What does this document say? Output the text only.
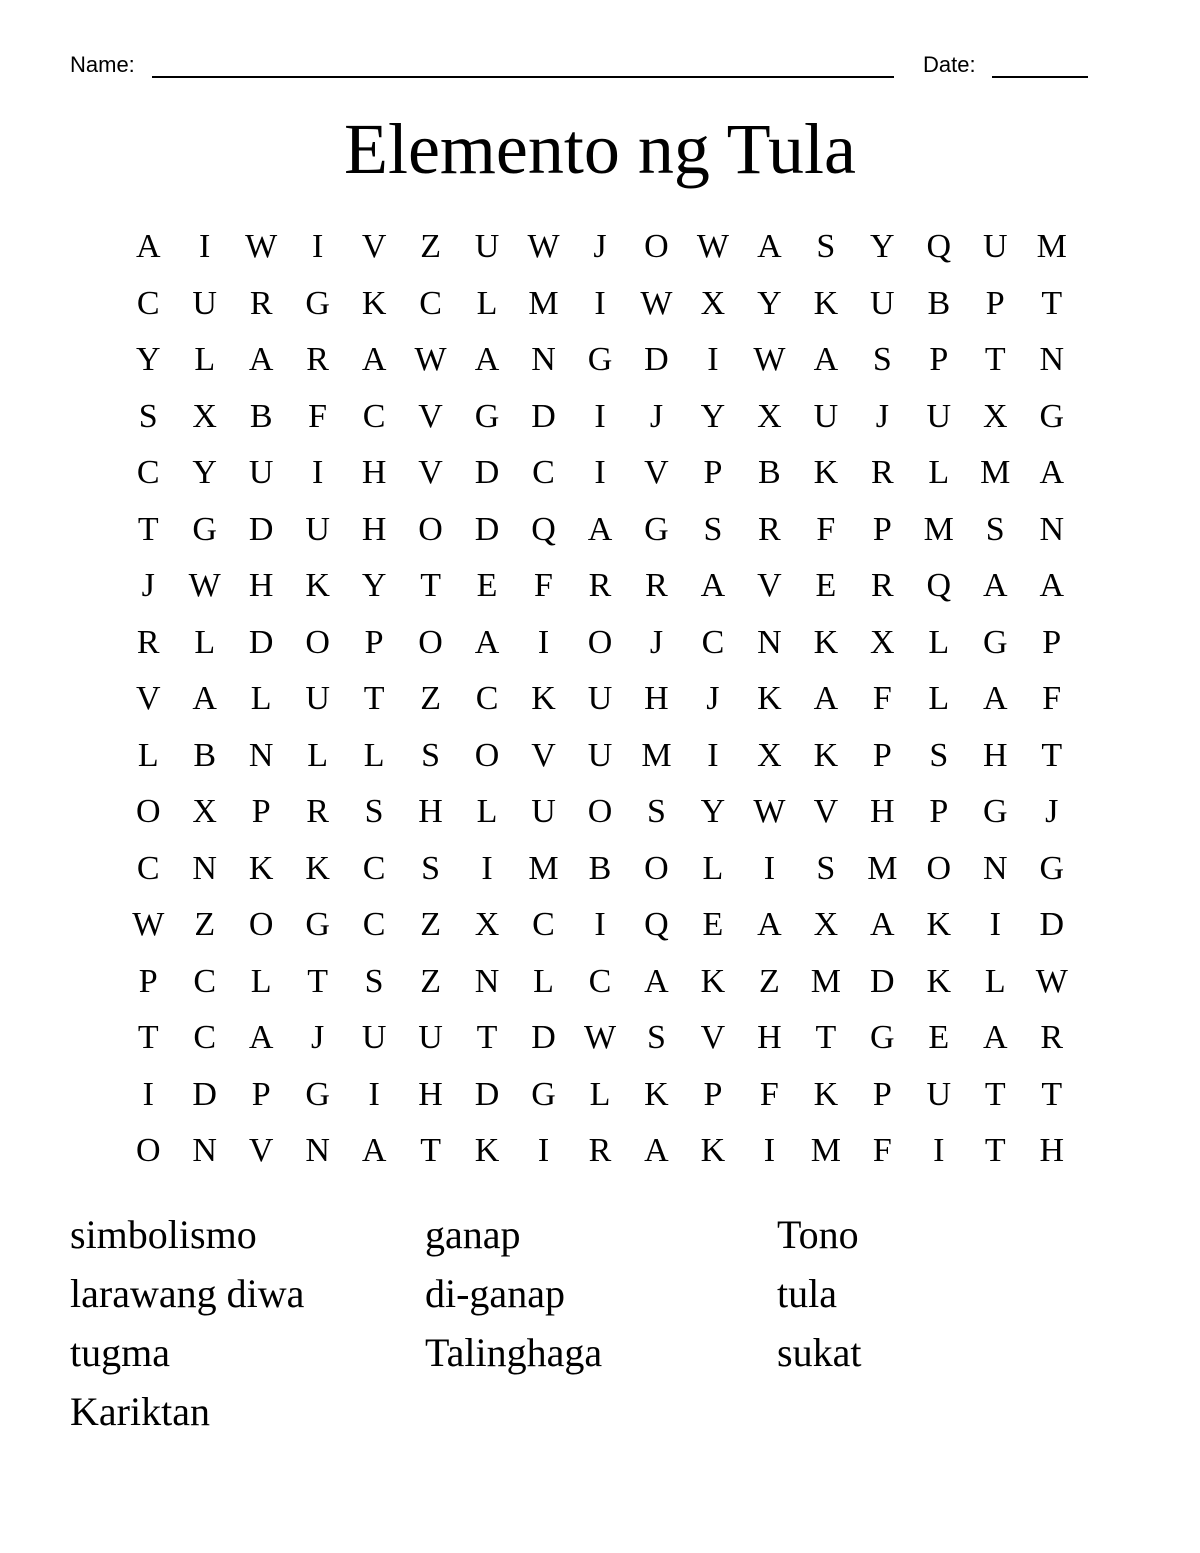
Name:	Date:
Elemento ng Tula
A	I	W	I	V Z U W J	O W A	S	Y Q U M
C U R G K C	L M	I	W X Y K U B	P	T
Y L A R A W A N G D	I	W A	S	P	T N
S	X B	F	C V G D	I	J	Y X U	J	U X G
C Y U	I	H V D C	I	V	P	B K R	L M A
T G D U H O D Q A G	S	R	F	P M S	N
J W H K Y T	E	F	R R A V E	R Q A A
R	L D O	P	O A	I	O	J	C N K X L G	P
V A L U T	Z	C K U H	J	K A	F	L A	F
L	B N L	L	S	O V U M	I	X K	P	S	H T
O X	P	R	S	H L U O	S	Y W V H	P	G	J
C N K K C	S	I	M B O L	I	S M O N G
W Z O G C	Z X C	I	Q E A X A K	I	D
P	C	L	T	S	Z N L	C A K Z M D K L W
T	C A	J	U U T D W S	V H T G E A R
I	D	P	G	I	H D G L K	P	F	K	P	U T	T
O N V N A T K	I	R A K	I	M F	I	T H
simbolismo	ganap	Tono
larawang diwa	di-ganap	tula
tugma	Talinghaga	sukat
Kariktan
